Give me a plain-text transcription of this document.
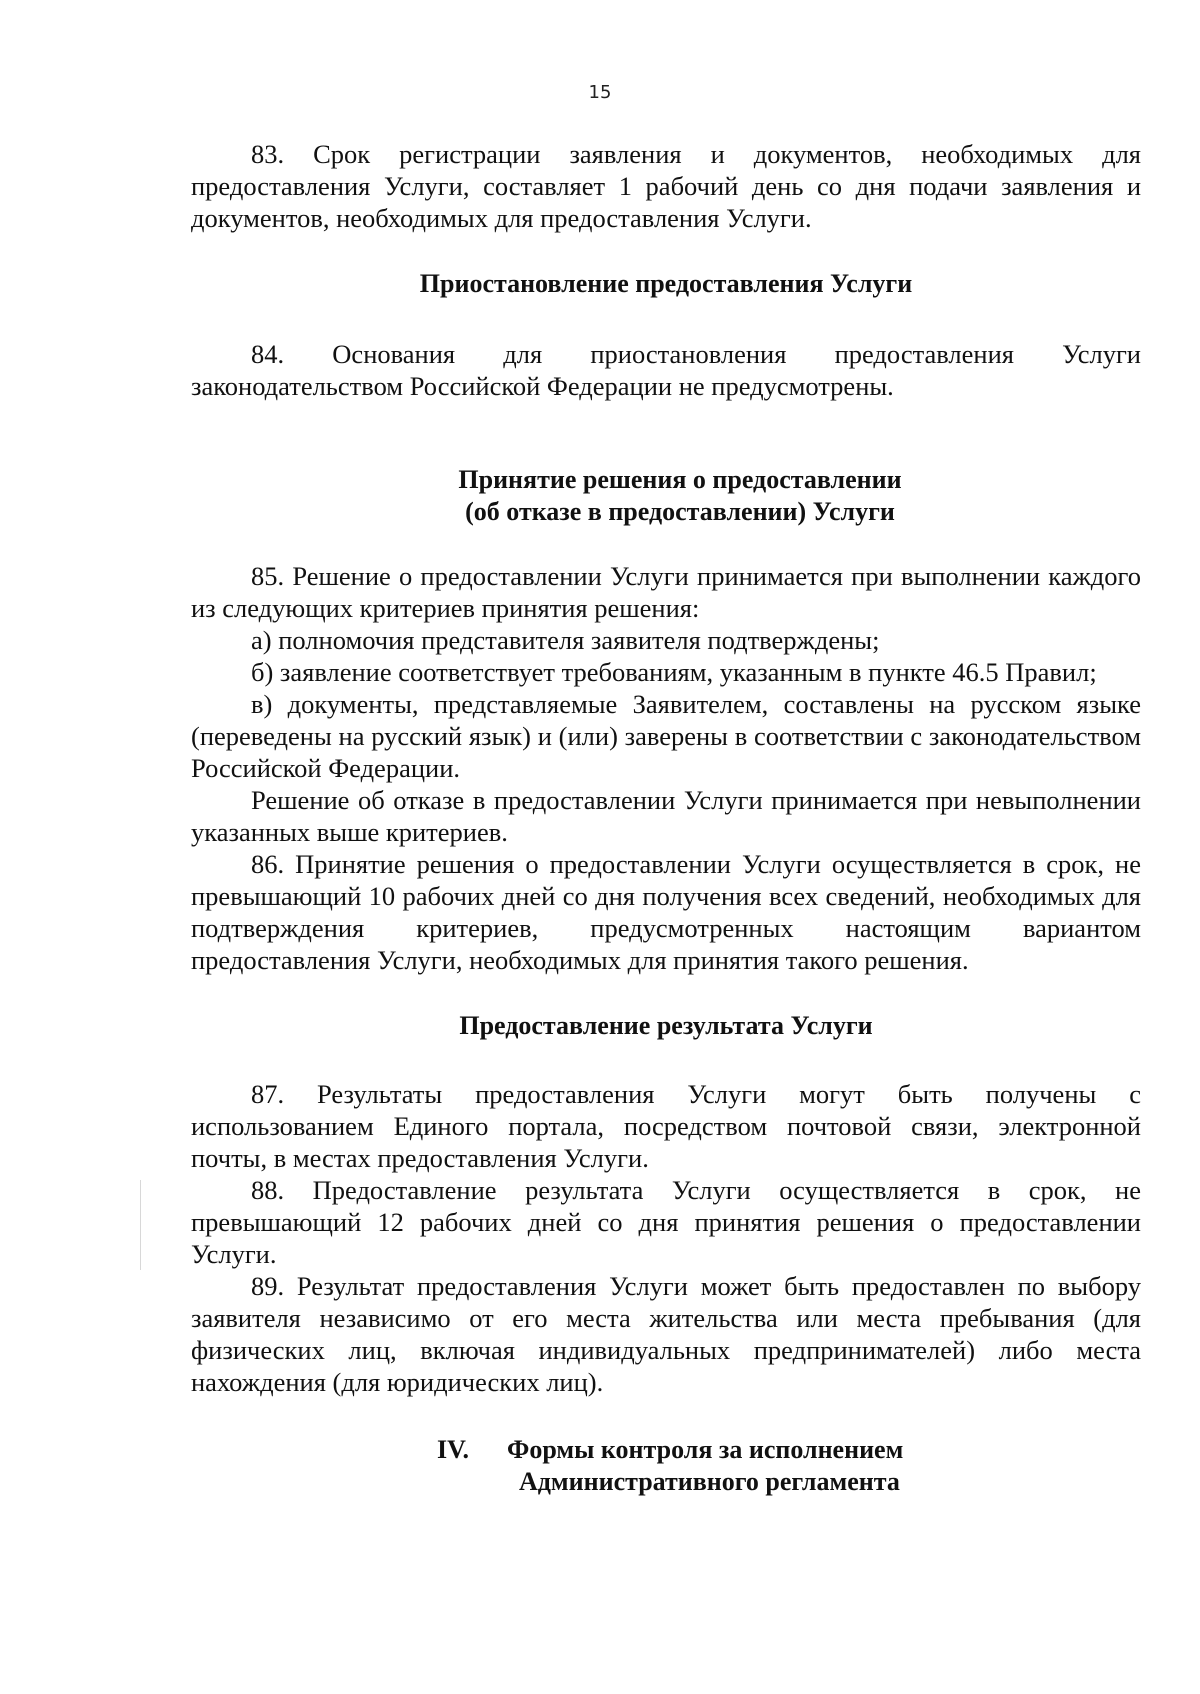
15

83. Срок регистрации заявления и документов, необходимых для предоставления Услуги, составляет 1 рабочий день со дня подачи заявления и документов, необходимых для предоставления Услуги.

Приостановление предоставления Услуги

84. Основания для приостановления предоставления Услуги законодательством Российской Федерации не предусмотрены.

Принятие решения о предоставлении

(об отказе в предоставлении) Услуги

85. Решение о предоставлении Услуги принимается при выполнении каждого из следующих критериев принятия решения:

а) полномочия представителя заявителя подтверждены;

б) заявление соответствует требованиям, указанным в пункте 46.5 Правил;

в) документы, представляемые Заявителем, составлены на русском языке (переведены на русский язык) и (или) заверены в соответствии с законодательством Российской Федерации.

Решение об отказе в предоставлении Услуги принимается при невыполнении указанных выше критериев.

86. Принятие решения о предоставлении Услуги осуществляется в срок, не превышающий 10 рабочих дней со дня получения всех сведений, необходимых для подтверждения критериев, предусмотренных настоящим вариантом предоставления Услуги, необходимых для принятия такого решения.

Предоставление результата Услуги

87. Результаты предоставления Услуги могут быть получены с использованием Единого портала, посредством почтовой связи, электронной почты, в местах предоставления Услуги.

88. Предоставление результата Услуги осуществляется в срок, не превышающий 12 рабочих дней со дня принятия решения о предоставлении Услуги.

89. Результат предоставления Услуги может быть предоставлен по выбору заявителя независимо от его места жительства или места пребывания (для физических лиц, включая индивидуальных предпринимателей) либо места нахождения (для юридических лиц).

IV. Формы контроля за исполнением
Административного регламента
